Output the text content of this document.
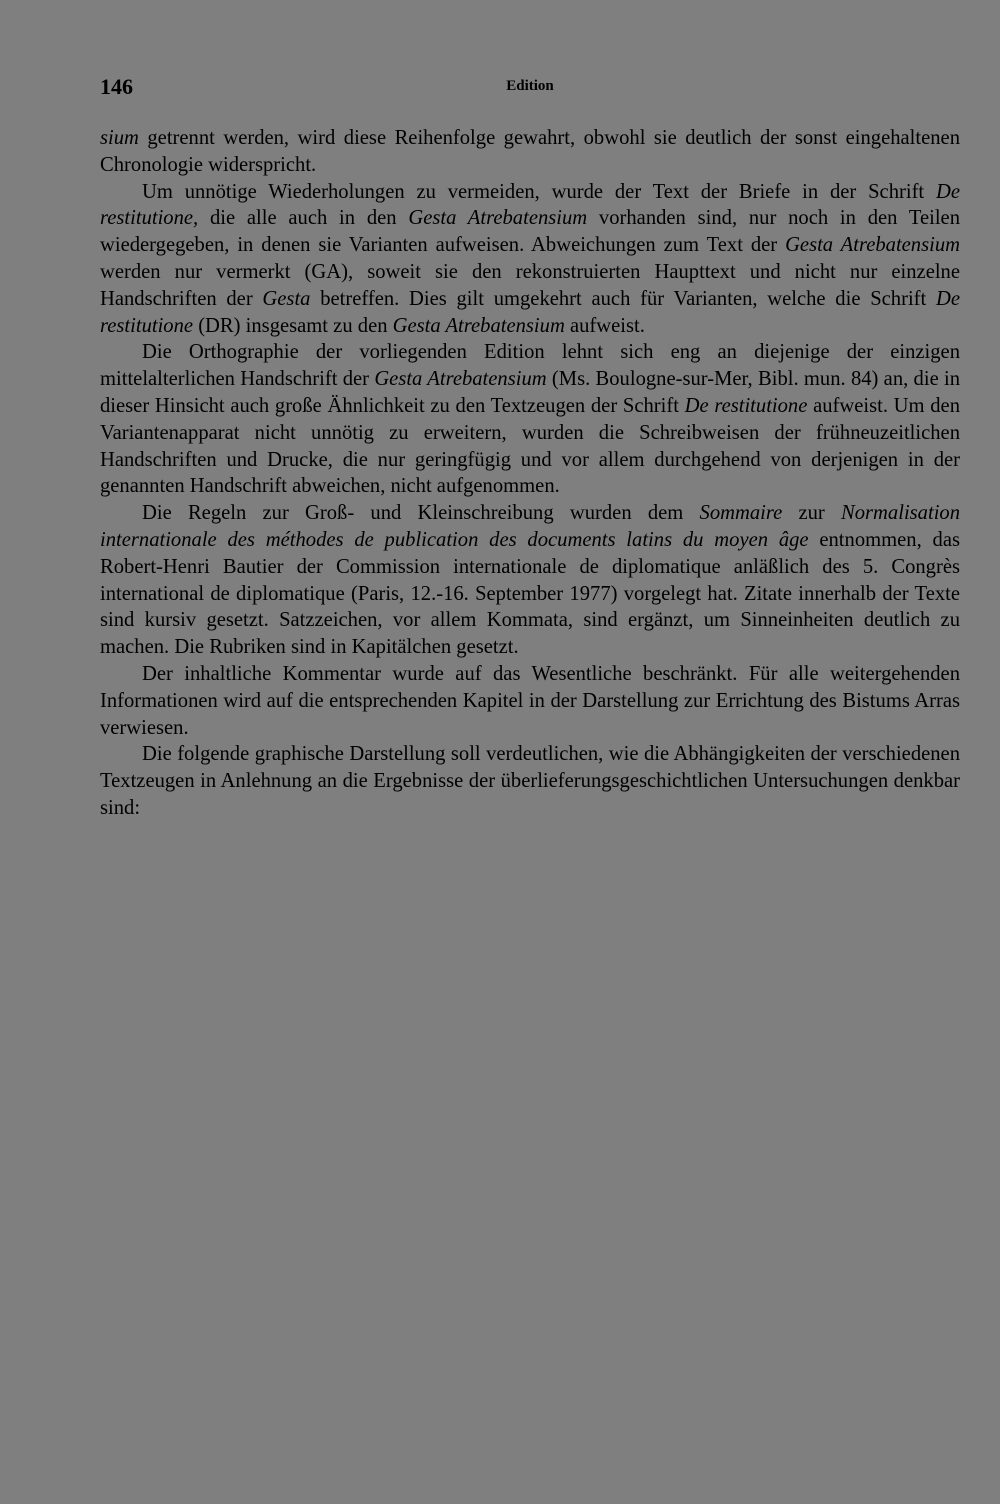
146	Edition

sium getrennt werden, wird diese Reihenfolge gewahrt, obwohl sie deutlich der sonst eingehaltenen Chronologie widerspricht.

Um unnötige Wiederholungen zu vermeiden, wurde der Text der Briefe in der Schrift De restitutione, die alle auch in den Gesta Atrebatensium vorhanden sind, nur noch in den Teilen wiedergegeben, in denen sie Varianten aufweisen. Abweichungen zum Text der Gesta Atrebatensium werden nur vermerkt (GA), soweit sie den rekonstruierten Haupttext und nicht nur einzelne Handschriften der Gesta betreffen. Dies gilt umgekehrt auch für Varianten, welche die Schrift De restitutione (DR) insgesamt zu den Gesta Atrebatensium aufweist.

Die Orthographie der vorliegenden Edition lehnt sich eng an diejenige der einzigen mittelalterlichen Handschrift der Gesta Atrebatensium (Ms. Boulogne-sur-Mer, Bibl. mun. 84) an, die in dieser Hinsicht auch große Ähnlichkeit zu den Textzeugen der Schrift De restitutione aufweist. Um den Variantenapparat nicht unnötig zu erweitern, wurden die Schreibweisen der frühneuzeitlichen Handschriften und Drucke, die nur geringfügig und vor allem durchgehend von derjenigen in der genannten Handschrift abweichen, nicht aufgenommen.

Die Regeln zur Groß- und Kleinschreibung wurden dem Sommaire zur Normalisation internationale des méthodes de publication des documents latins du moyen âge entnommen, das Robert-Henri Bautier der Commission internationale de diplomatique anläßlich des 5. Congrès international de diplomatique (Paris, 12.-16. September 1977) vorgelegt hat. Zitate innerhalb der Texte sind kursiv gesetzt. Satzzeichen, vor allem Kommata, sind ergänzt, um Sinneinheiten deutlich zu machen. Die Rubriken sind in Kapitälchen gesetzt.

Der inhaltliche Kommentar wurde auf das Wesentliche beschränkt. Für alle weitergehenden Informationen wird auf die entsprechenden Kapitel in der Darstellung zur Errichtung des Bistums Arras verwiesen.

Die folgende graphische Darstellung soll verdeutlichen, wie die Abhängigkeiten der verschiedenen Textzeugen in Anlehnung an die Ergebnisse der überlieferungsgeschichtlichen Untersuchungen denkbar sind:
